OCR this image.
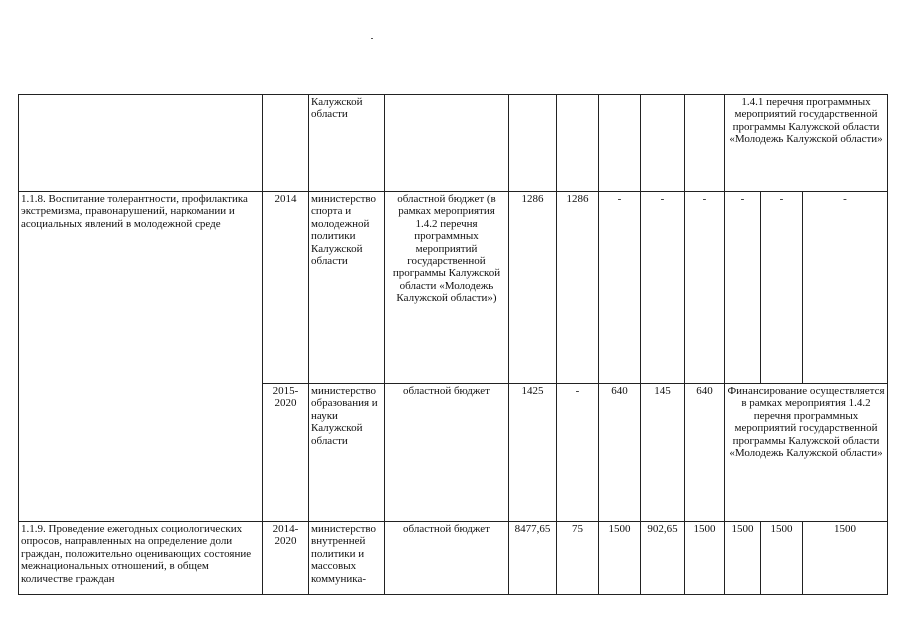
		Калужской области							1.4.1 перечня программных мероприятий государственной программы Калужской области «Молодежь Калужской области»		
1.1.8. Воспитание толерантности, профилактика экстремизма, правонарушений, наркомании и асоциальных явлений в молодежной среде	2014	министерство спорта и молодежной политики Калужской области	областной бюджет (в рамках мероприятия 1.4.2 перечня программных мероприятий государственной программы Калужской области «Молодежь Калужской области»)	1286	1286	-	-	-	-	-	-
	2015-2020	министерство образования и науки Калужской области	областной бюджет	1425	-	640	145	640	Финансирование осуществляется в рамках мероприятия 1.4.2 перечня программных мероприятий государственной программы Калужской области «Молодежь Калужской области»		
1.1.9. Проведение ежегодных социологических опросов, направленных на определение доли граждан, положительно оценивающих состояние межнациональных отношений, в общем количестве граждан	2014-2020	министерство внутренней политики и массовых коммуника-	областной бюджет	8477,65	75	1500	902,65	1500	1500	1500	1500
